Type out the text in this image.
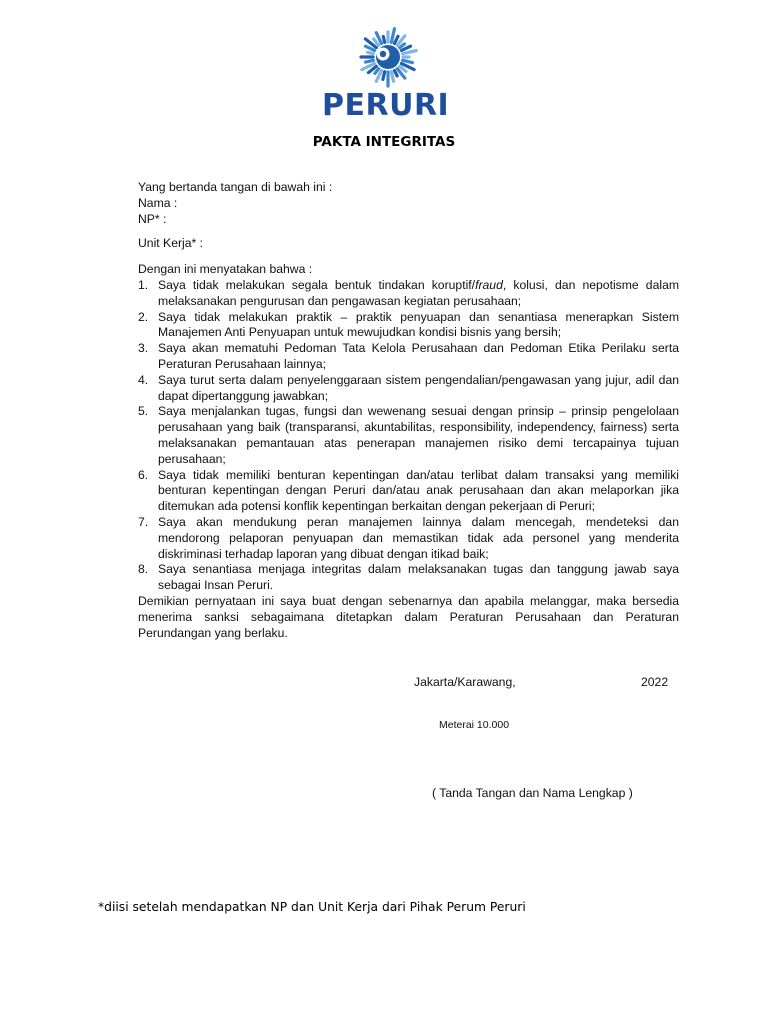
PERURI
PAKTA INTEGRITAS
Yang bertanda tangan di bawah ini :
Nama :
NP* :
Unit Kerja* :
Dengan ini menyatakan bahwa :
1. Saya tidak melakukan segala bentuk tindakan koruptif/fraud, kolusi, dan nepotisme dalam melaksanakan pengurusan dan pengawasan kegiatan perusahaan;
2. Saya tidak melakukan praktik – praktik penyuapan dan senantiasa menerapkan Sistem Manajemen Anti Penyuapan untuk mewujudkan kondisi bisnis yang bersih;
3. Saya akan mematuhi Pedoman Tata Kelola Perusahaan dan Pedoman Etika Perilaku serta Peraturan Perusahaan lainnya;
4. Saya turut serta dalam penyelenggaraan sistem pengendalian/pengawasan yang jujur, adil dan dapat dipertanggung jawabkan;
5. Saya menjalankan tugas, fungsi dan wewenang sesuai dengan prinsip – prinsip pengelolaan perusahaan yang baik (transparansi, akuntabilitas, responsibility, independency, fairness) serta melaksanakan pemantauan atas penerapan manajemen risiko demi tercapainya tujuan perusahaan;
6. Saya tidak memiliki benturan kepentingan dan/atau terlibat dalam transaksi yang memiliki benturan kepentingan dengan Peruri dan/atau anak perusahaan dan akan melaporkan jika ditemukan ada potensi konflik kepentingan berkaitan dengan pekerjaan di Peruri;
7. Saya akan mendukung peran manajemen lainnya dalam mencegah, mendeteksi dan mendorong pelaporan penyuapan dan memastikan tidak ada personel yang menderita diskriminasi terhadap laporan yang dibuat dengan itikad baik;
8. Saya senantiasa menjaga integritas dalam melaksanakan tugas dan tanggung jawab saya sebagai Insan Peruri.
Demikian pernyataan ini saya buat dengan sebenarnya dan apabila melanggar, maka bersedia menerima sanksi sebagaimana ditetapkan dalam Peraturan Perusahaan dan Peraturan Perundangan yang berlaku.
Jakarta/Karawang,	2022
Meterai 10.000
( Tanda Tangan dan Nama Lengkap )
*diisi setelah mendapatkan NP dan Unit Kerja dari Pihak Perum Peruri
